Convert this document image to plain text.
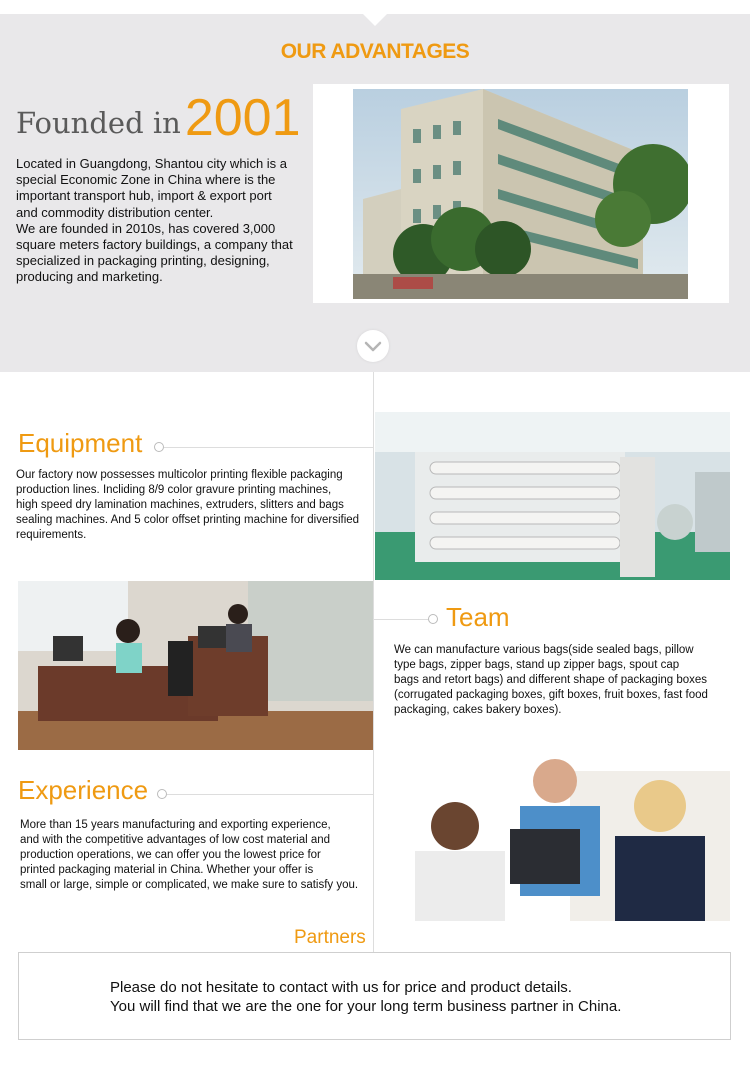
OUR ADVANTAGES
Founded in2001
Located in Guangdong, Shantou city which is a
special Economic Zone in China where is the
important transport hub, import & export port
and commodity distribution center.
We are founded in 2010s, has covered 3,000
square meters factory buildings, a company that
specialized in packaging printing, designing,
producing and marketing.
Equipment
Our factory now possesses multicolor printing flexible packaging
production lines. Incliding 8/9 color gravure printing machines,
high speed dry lamination machines, extruders, slitters and bags
sealing machines. And 5 color offset printing machine for diversified
requirements.
Team
We can manufacture various bags(side sealed bags, pillow
type bags, zipper bags, stand up zipper bags, spout cap
bags and retort bags) and different shape of packaging boxes
(corrugated packaging boxes, gift boxes, fruit boxes, fast food
packaging, cakes bakery boxes).
Experience
More than 15 years manufacturing and exporting experience,
and with the competitive advantages of low cost material and
production operations, we can offer you the lowest price for
printed packaging material in China. Whether your offer is
small or large, simple or complicated, we make sure to satisfy you.
Partners

Please do not hesitate to contact with us for price and product details.

You will find that we are the one for your long term business partner in China.
